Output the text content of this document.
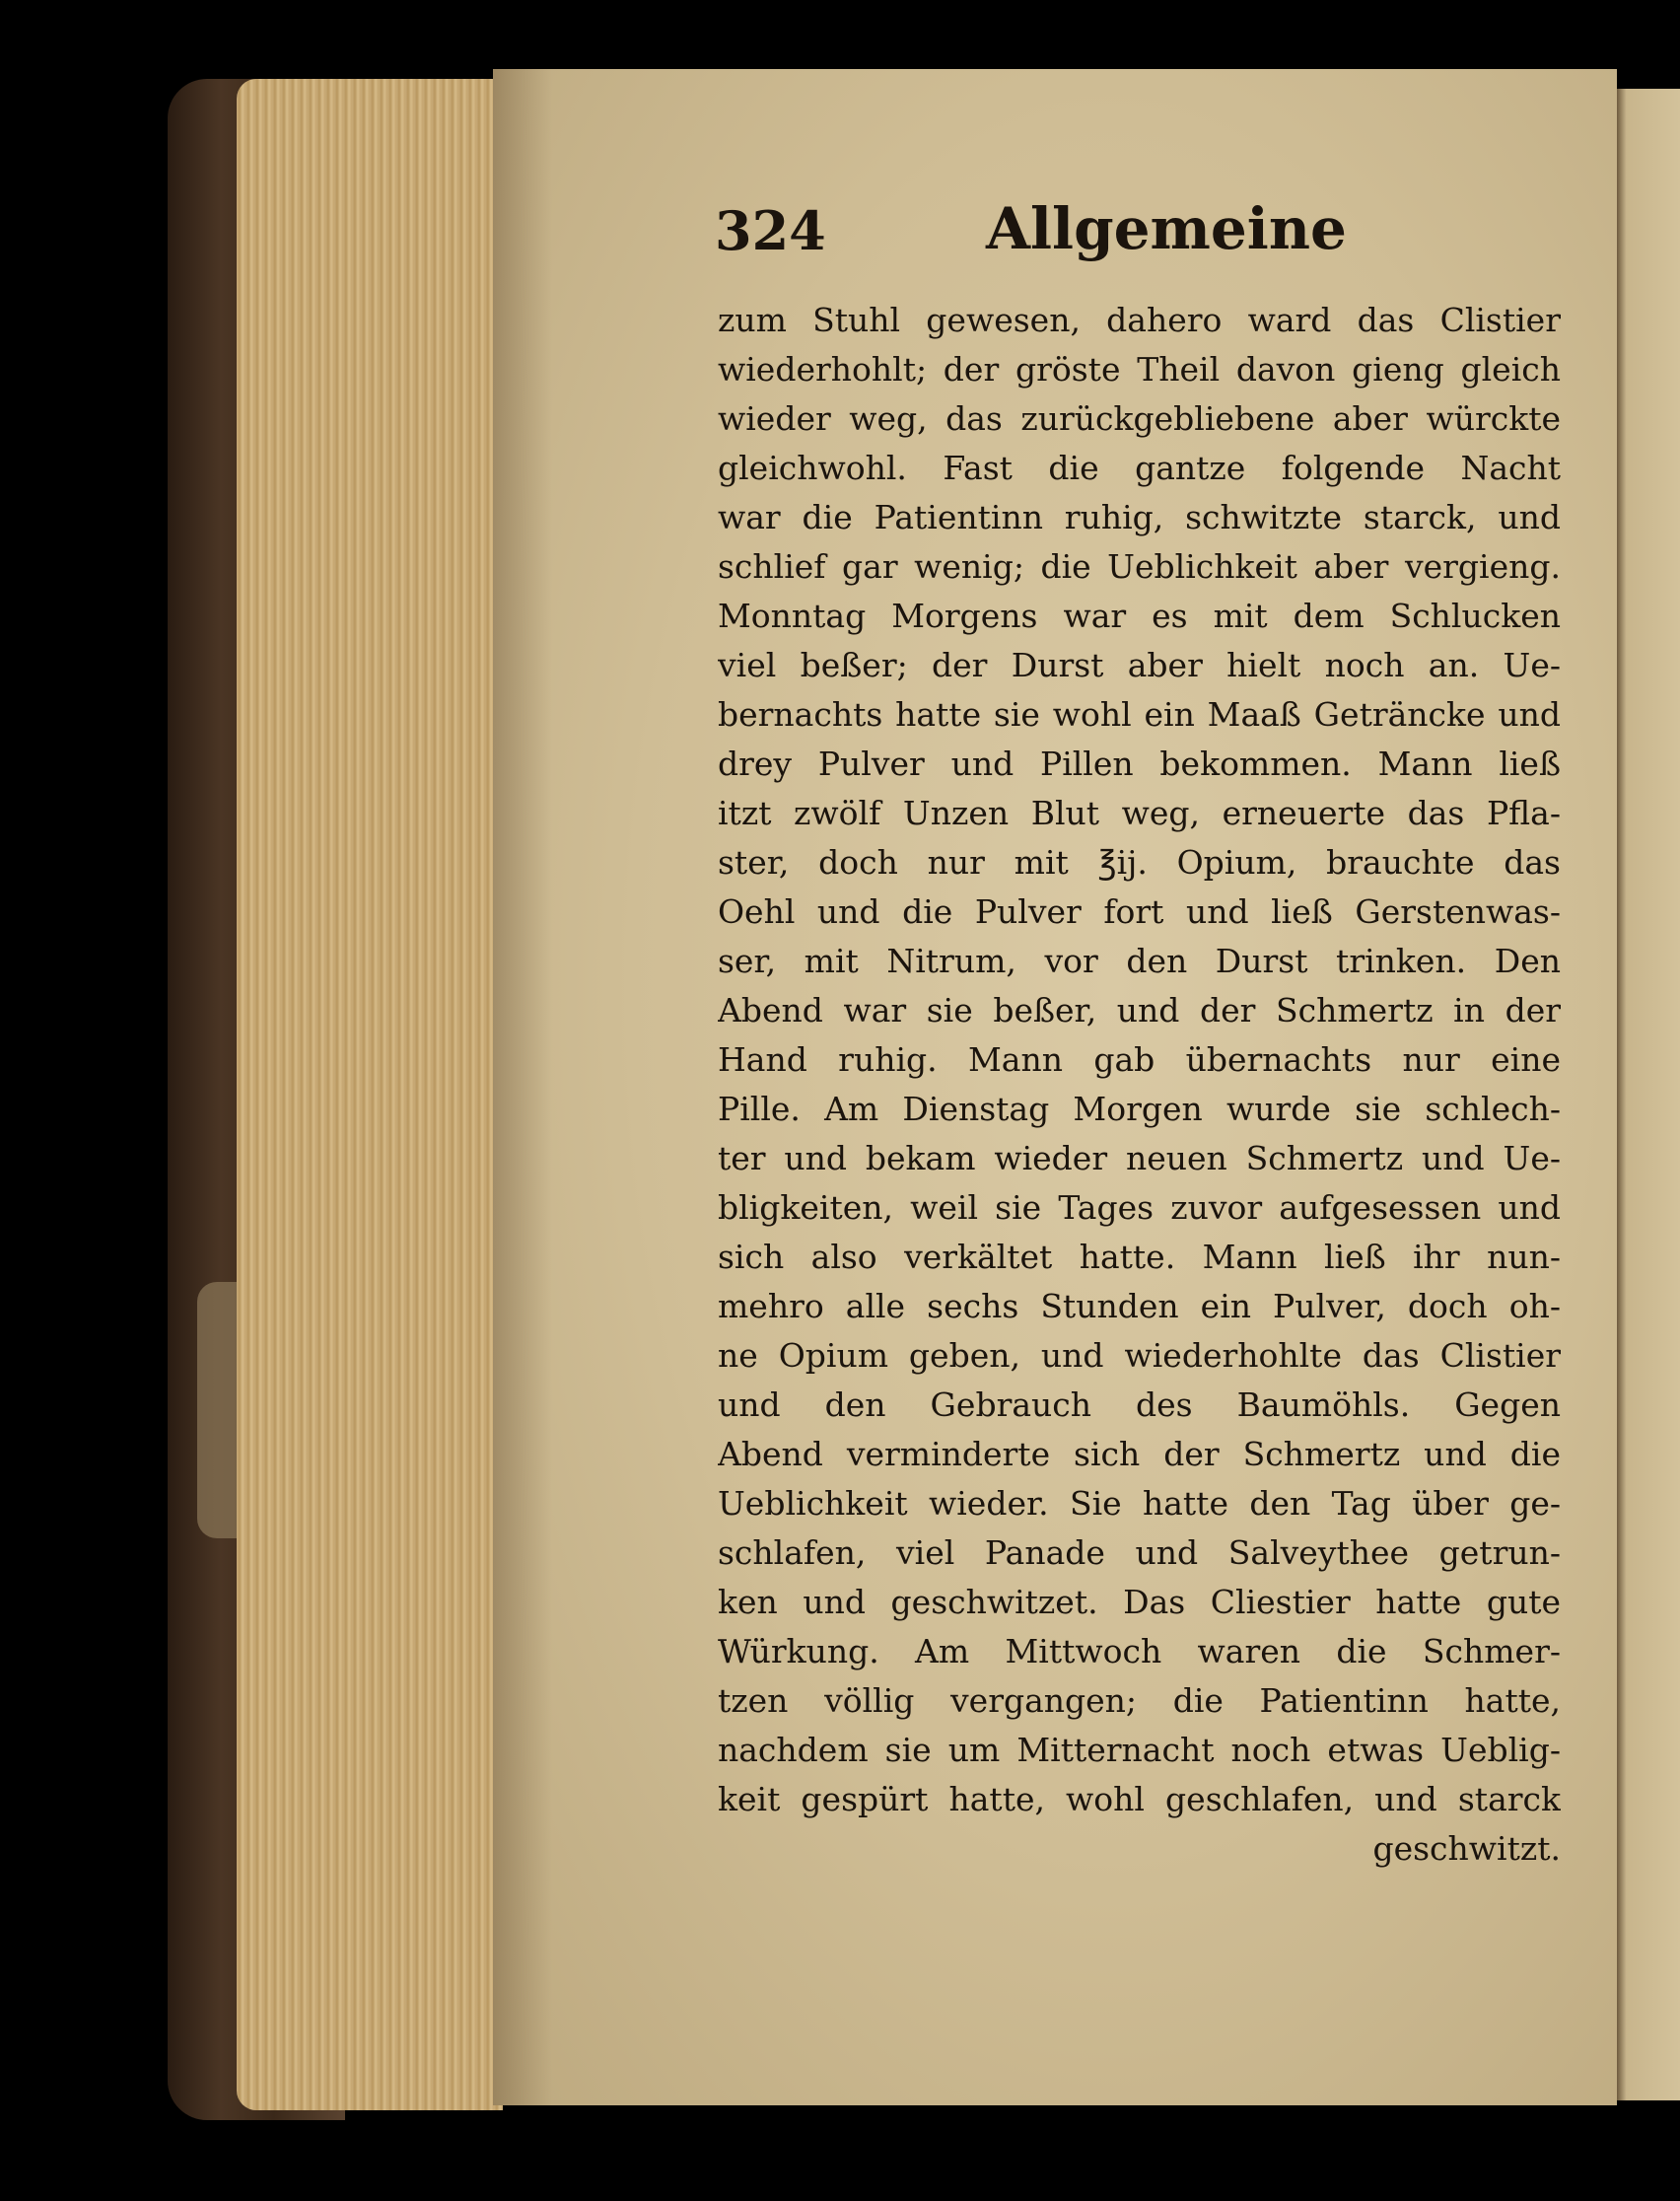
324	Allgemeine
zum Stuhl gewesen, dahero ward das Clistier
wiederhohlt; der gröste Theil davon gieng gleich
wieder weg, das zurückgebliebene aber würckte
gleichwohl. Fast die gantze folgende Nacht
war die Patientinn ruhig, schwitzte starck, und
schlief gar wenig; die Ueblichkeit aber vergieng.
Monntag Morgens war es mit dem Schlucken
viel beßer; der Durst aber hielt noch an. Ue-
bernachts hatte sie wohl ein Maaß Geträncke und
drey Pulver und Pillen bekommen. Mann ließ
itzt zwölf Unzen Blut weg, erneuerte das Pfla-
ster, doch nur mit ℥ij. Opium, brauchte das
Oehl und die Pulver fort und ließ Gerstenwas-
ser, mit Nitrum, vor den Durst trinken. Den
Abend war sie beßer, und der Schmertz in der
Hand ruhig. Mann gab übernachts nur eine
Pille. Am Dienstag Morgen wurde sie schlech-
ter und bekam wieder neuen Schmertz und Ue-
bligkeiten, weil sie Tages zuvor aufgesessen und
sich also verkältet hatte. Mann ließ ihr nun-
mehro alle sechs Stunden ein Pulver, doch oh-
ne Opium geben, und wiederhohlte das Clistier
und den Gebrauch des Baumöhls. Gegen
Abend verminderte sich der Schmertz und die
Ueblichkeit wieder. Sie hatte den Tag über ge-
schlafen, viel Panade und Salveythee getrun-
ken und geschwitzet. Das Cliestier hatte gute
Würkung. Am Mittwoch waren die Schmer-
tzen völlig vergangen; die Patientinn hatte,
nachdem sie um Mitternacht noch etwas Ueblig-
keit gespürt hatte, wohl geschlafen, und starck
geschwitzt.
